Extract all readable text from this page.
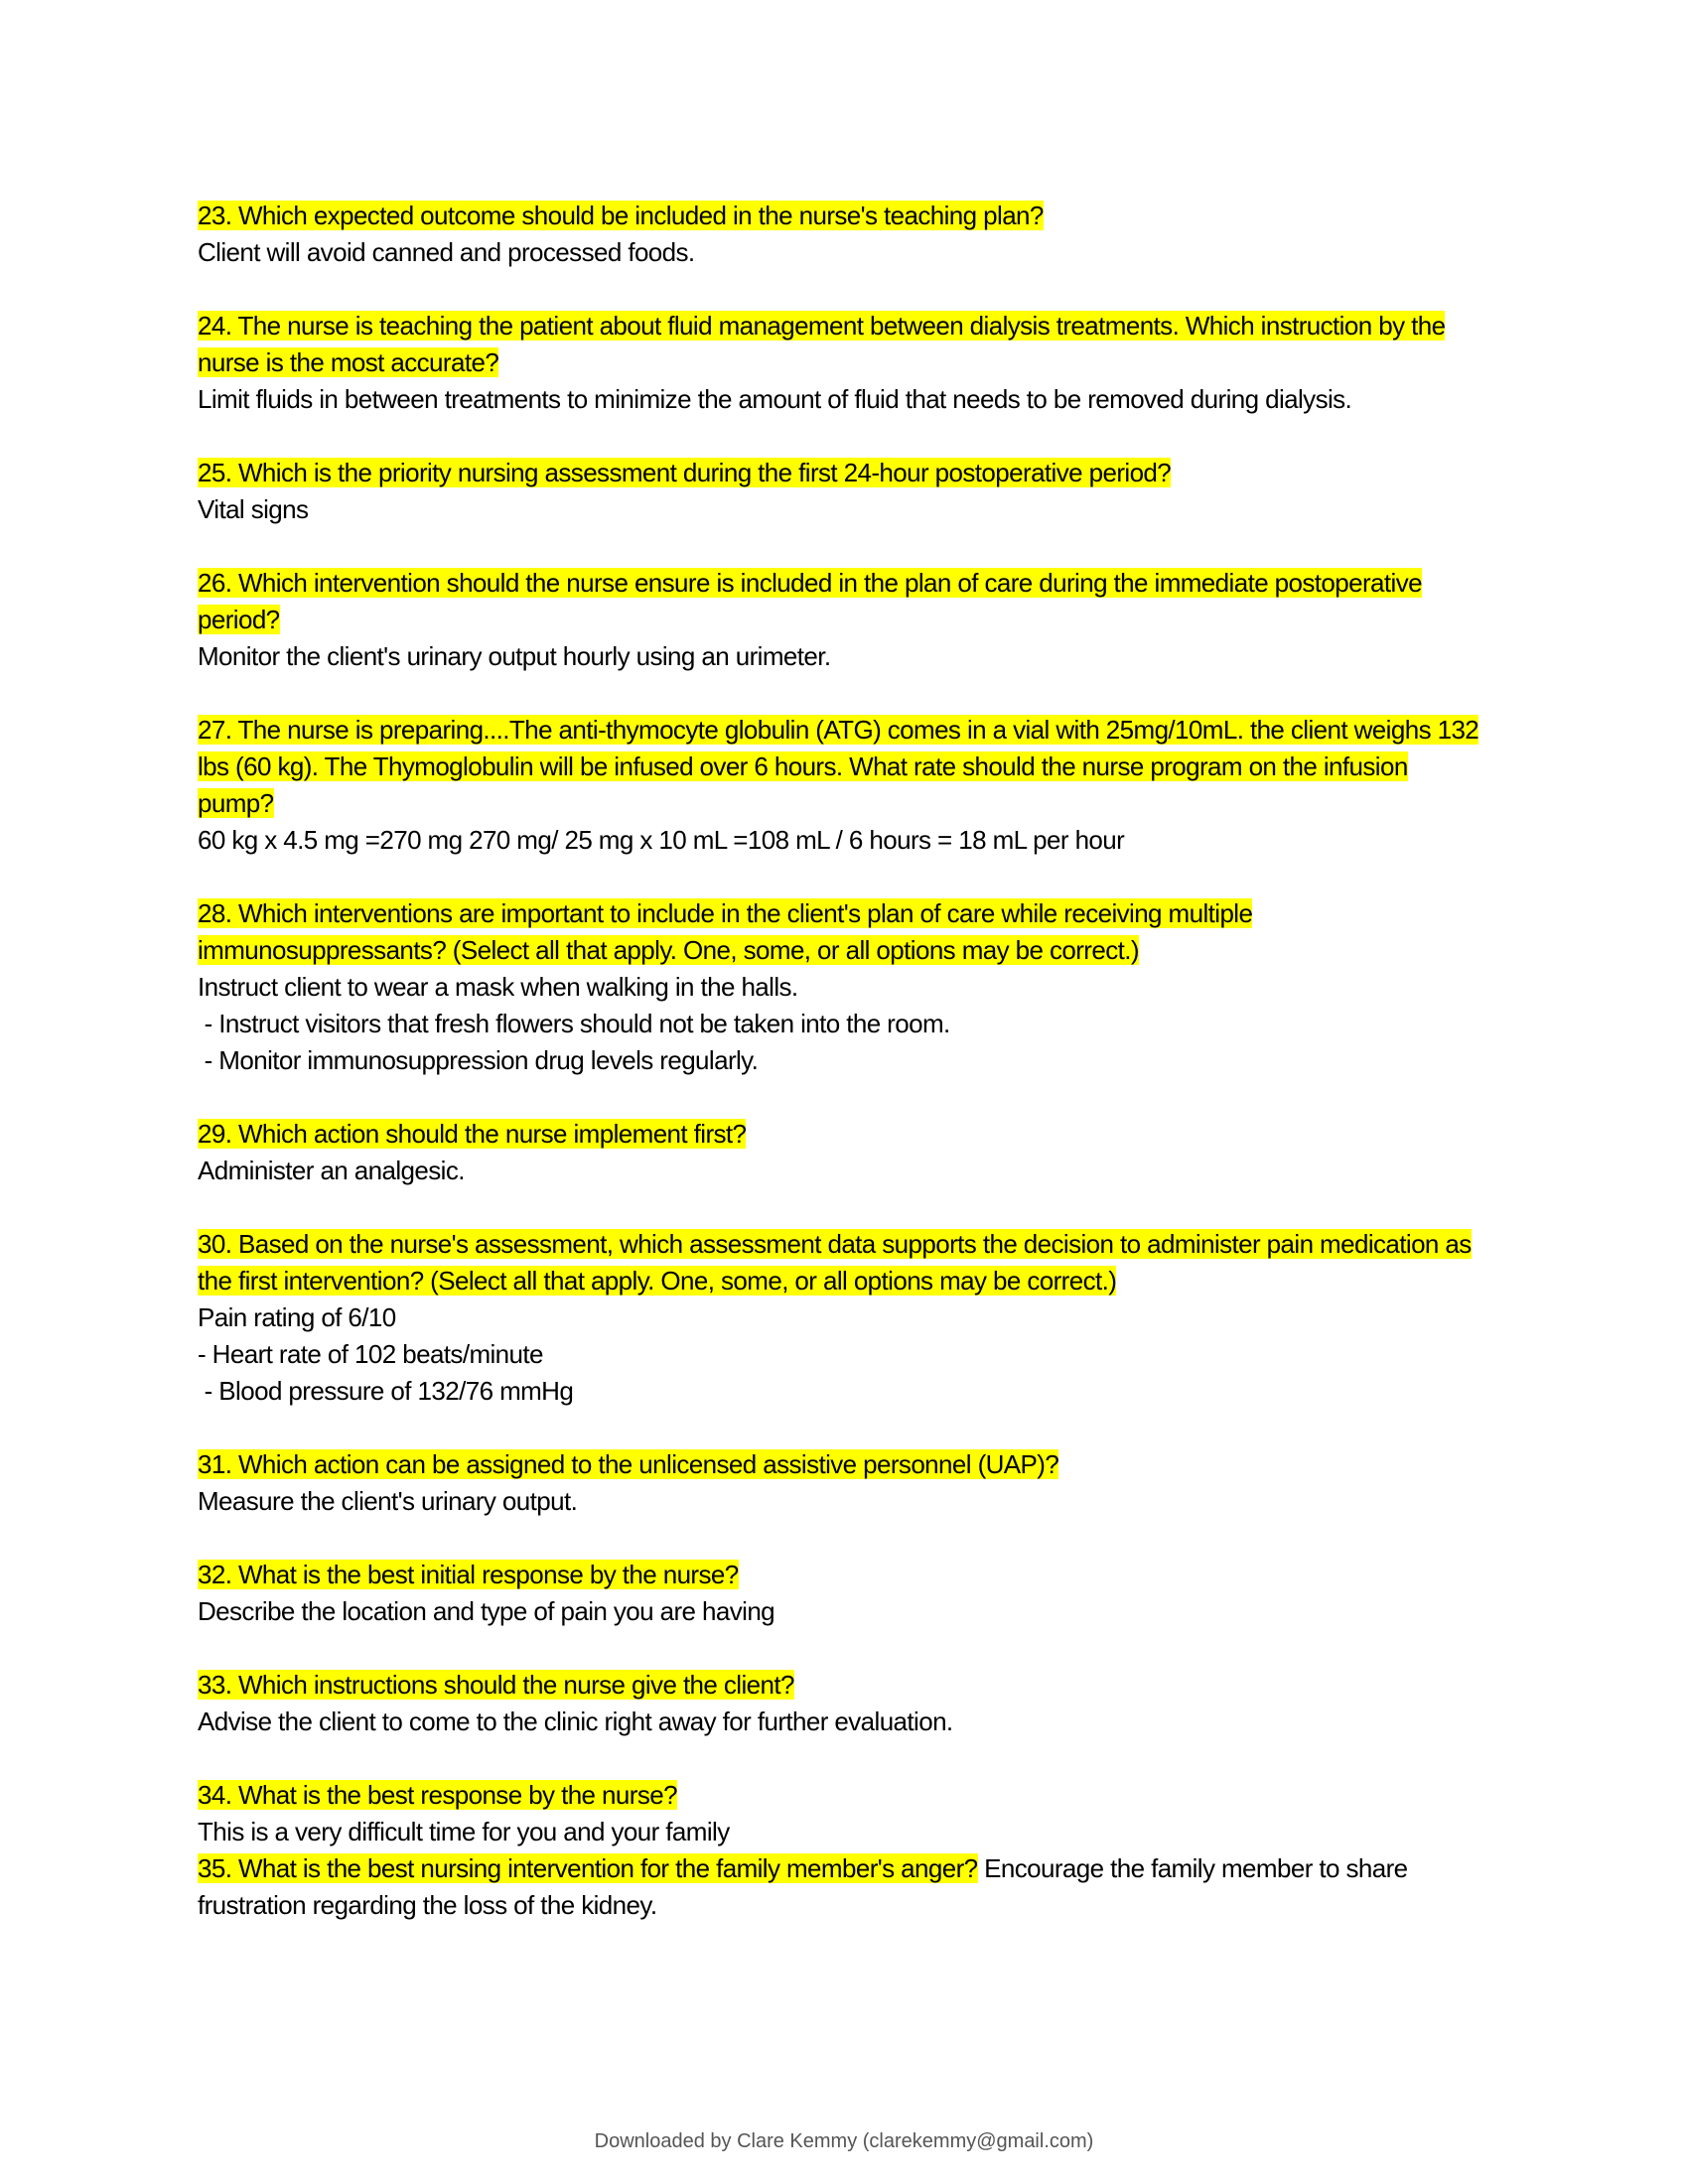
23. Which expected outcome should be included in the nurse's teaching plan?
Client will avoid canned and processed foods.
24. The nurse is teaching the patient about fluid management between dialysis treatments. Which instruction by the nurse is the most accurate?
Limit fluids in between treatments to minimize the amount of fluid that needs to be removed during dialysis.
25. Which is the priority nursing assessment during the first 24-hour postoperative period?
Vital signs
26. Which intervention should the nurse ensure is included in the plan of care during the immediate postoperative period?
Monitor the client's urinary output hourly using an urimeter.
27. The nurse is preparing....The anti-thymocyte globulin (ATG) comes in a vial with 25mg/10mL. the client weighs 132 lbs (60 kg). The Thymoglobulin will be infused over 6 hours. What rate should the nurse program on the infusion pump?
60 kg x 4.5 mg =270 mg 270 mg/ 25 mg x 10 mL =108 mL / 6 hours = 18 mL per hour
28. Which interventions are important to include in the client's plan of care while receiving multiple immunosuppressants? (Select all that apply. One, some, or all options may be correct.)
Instruct client to wear a mask when walking in the halls.
- Instruct visitors that fresh flowers should not be taken into the room.
- Monitor immunosuppression drug levels regularly.
29. Which action should the nurse implement first?
Administer an analgesic.
30. Based on the nurse's assessment, which assessment data supports the decision to administer pain medication as the first intervention? (Select all that apply. One, some, or all options may be correct.)
Pain rating of 6/10
- Heart rate of 102 beats/minute
- Blood pressure of 132/76 mmHg
31. Which action can be assigned to the unlicensed assistive personnel (UAP)?
Measure the client's urinary output.
32. What is the best initial response by the nurse?
Describe the location and type of pain you are having
33. Which instructions should the nurse give the client?
Advise the client to come to the clinic right away for further evaluation.
34. What is the best response by the nurse?
This is a very difficult time for you and your family
35. What is the best nursing intervention for the family member's anger? Encourage the family member to share frustration regarding the loss of the kidney.
Downloaded by Clare Kemmy (clarekemmy@gmail.com)
